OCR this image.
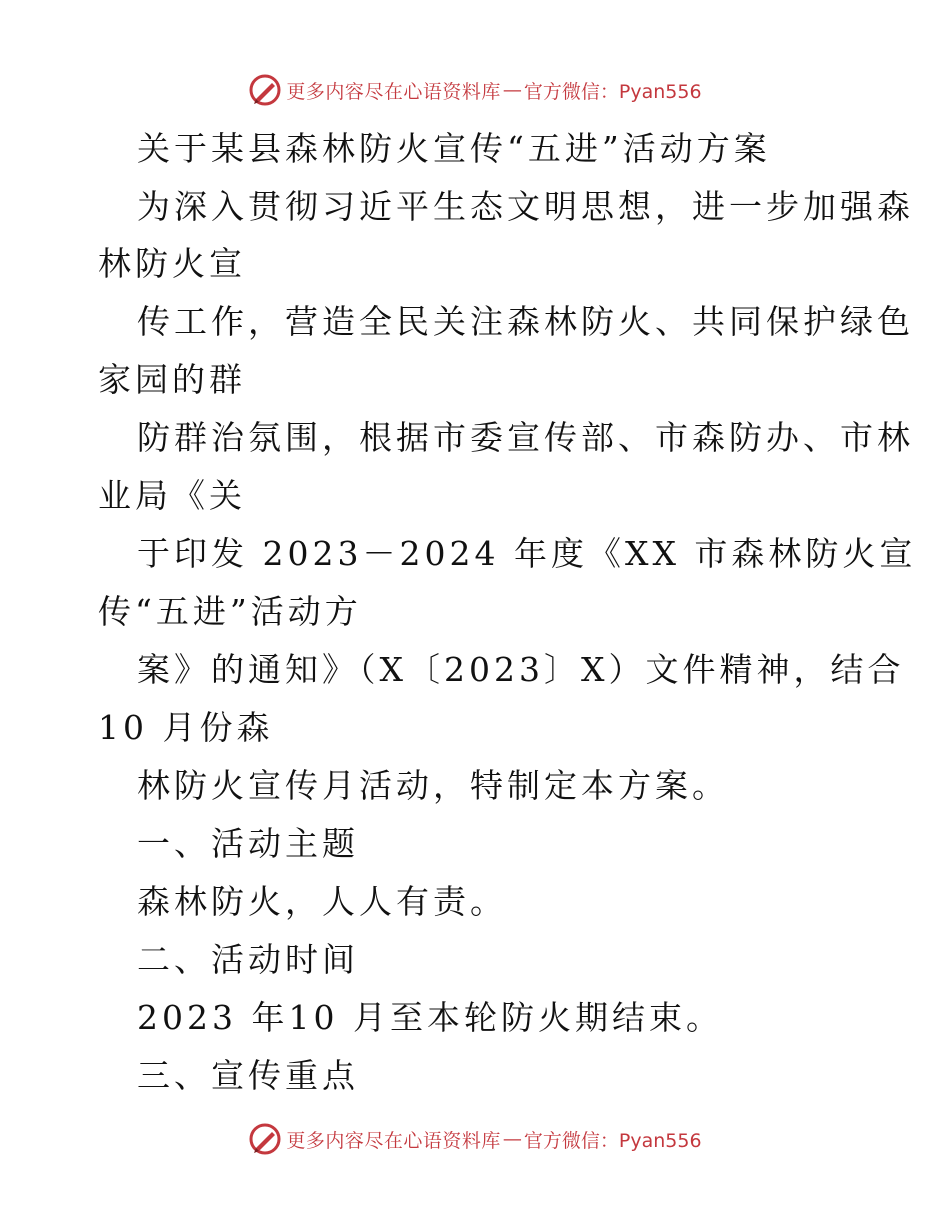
更多内容尽在心语资料库 — 官方微信：Pyan556
关于某县森林防火宣传“五进”活动方案
为深入贯彻习近平生态文明思想，进一步加强森
林防火宣
传工作，营造全民关注森林防火、共同保护绿色
家园的群
防群治氛围，根据市委宣传部、市森防办、市林
业局《关
于印发 2023－2024 年度《XX 市森林防火宣
传“五进”活动方
案》的通知》（X〔2023〕X）文件精神，结合
10 月份森
林防火宣传月活动，特制定本方案。
一、活动主题
森林防火，人人有责。
二、活动时间
2023 年10 月至本轮防火期结束。
三、宣传重点
更多内容尽在心语资料库 — 官方微信：Pyan556
